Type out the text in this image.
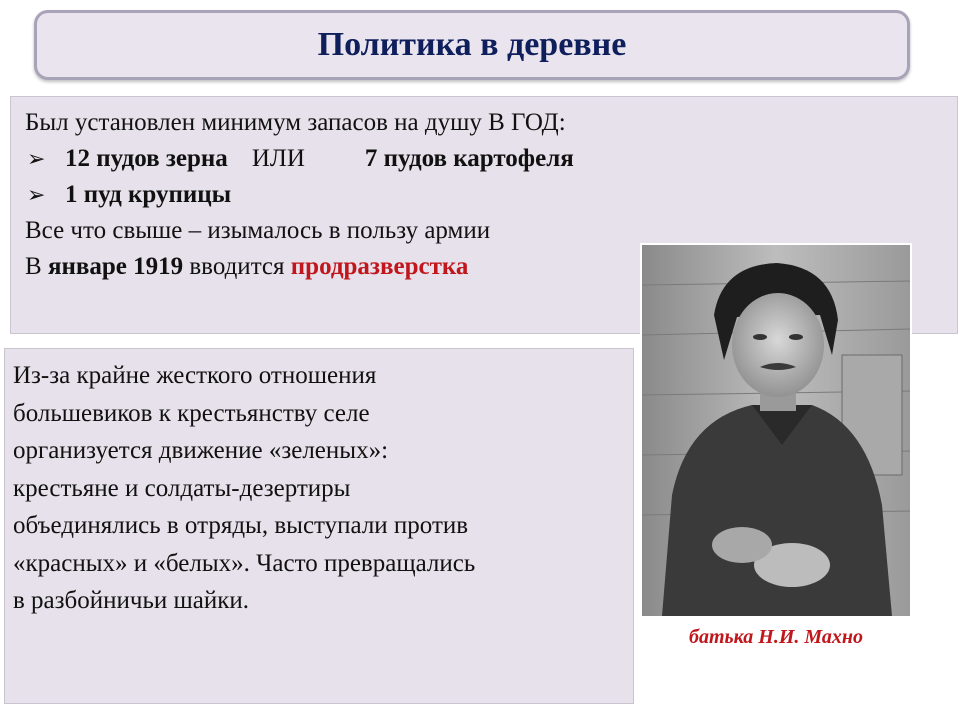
Политика в деревне

Был установлен минимум запасов на душу В ГОД:

➢ 12 пудов зерна ИЛИ 7 пудов картофеля

➢ 1 пуд крупицы

Все что свыше – изымалось в пользу армии

В январе 1919 вводится продразверстка

Из-за крайне жесткого отношения

большевиков к крестьянству селе

организуется движение «зеленых»:

крестьяне и солдаты-дезертиры

объединялись в отряды, выступали против

«красных» и «белых». Часто превращались

в разбойничьи шайки.

батька Н.И. Махно
